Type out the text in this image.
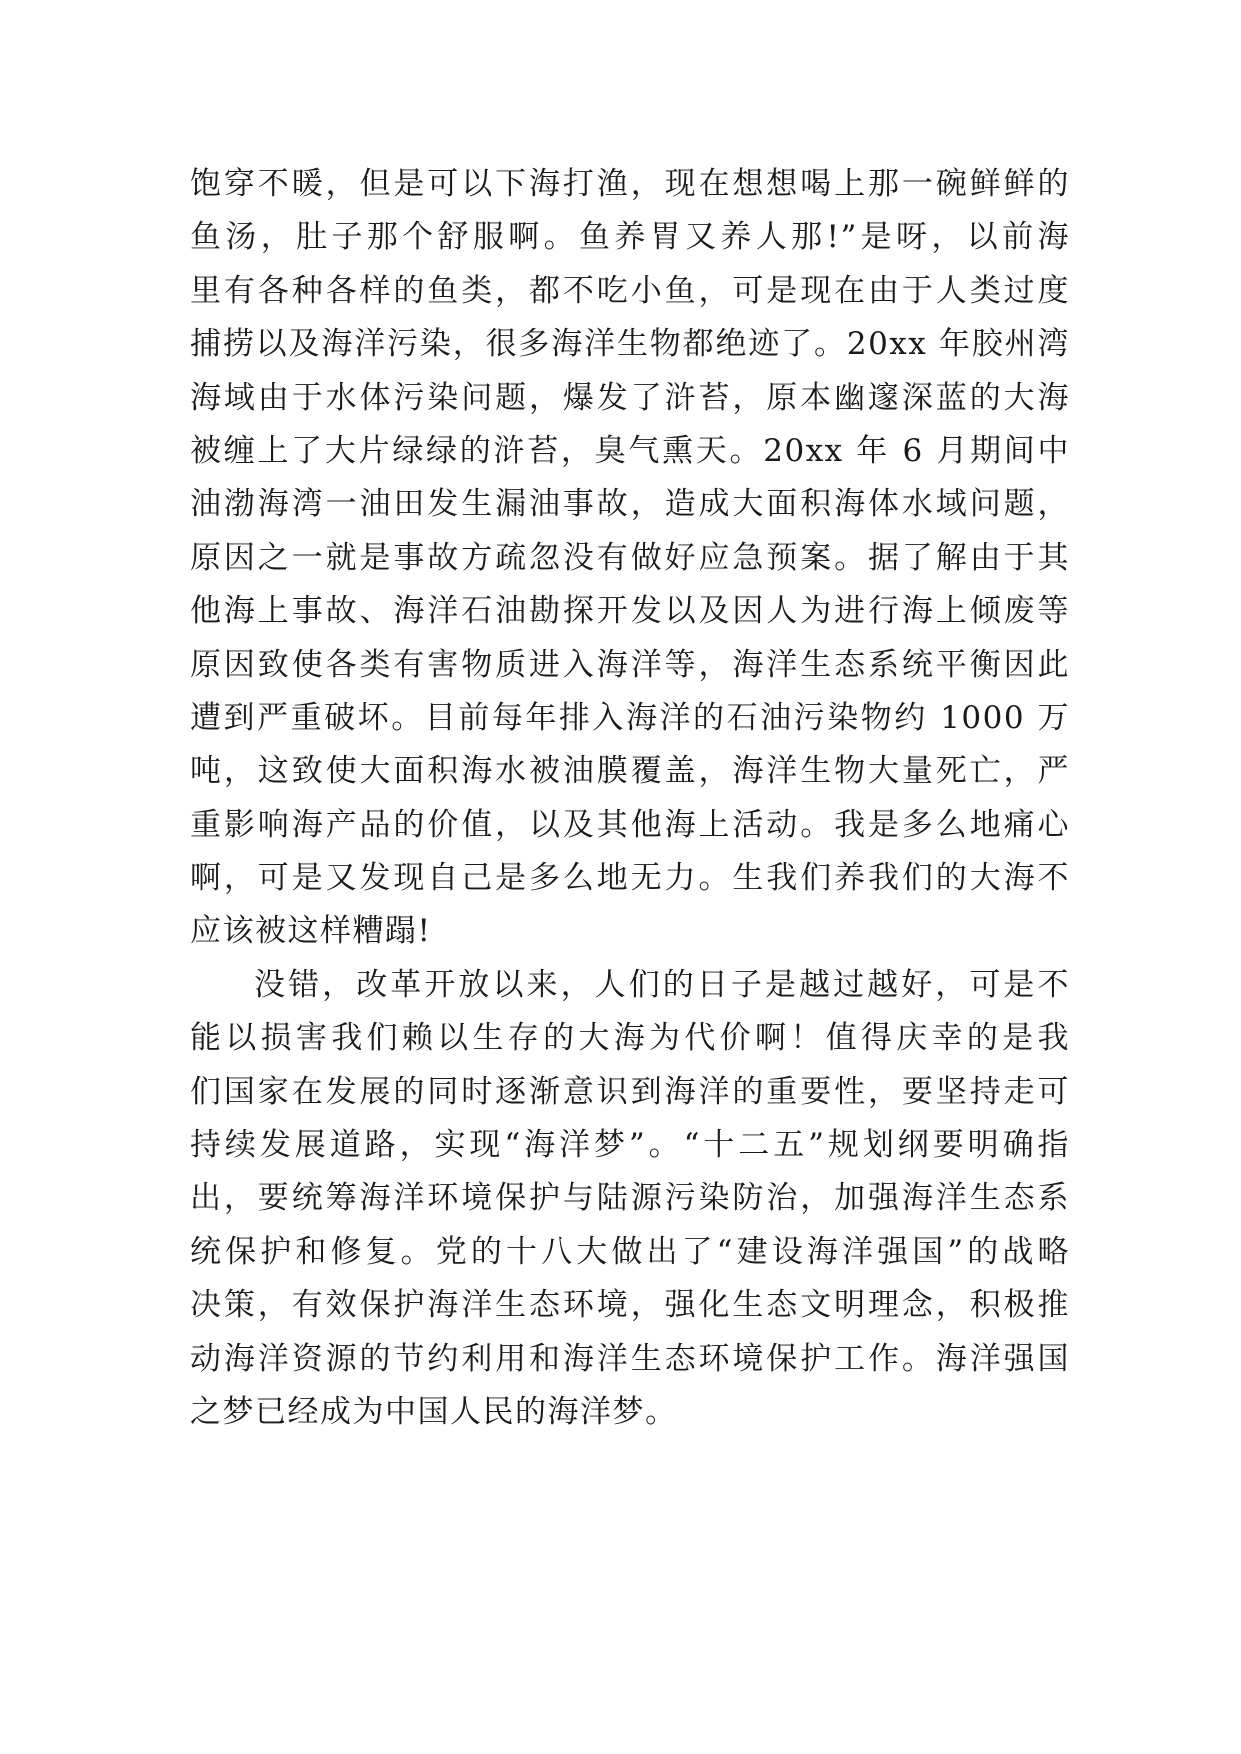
饱穿不暖，但是可以下海打渔，现在想想喝上那一碗鲜鲜的
鱼汤，肚子那个舒服啊。鱼养胃又养人那!”是呀，以前海
里有各种各样的鱼类，都不吃小鱼，可是现在由于人类过度
捕捞以及海洋污染，很多海洋生物都绝迹了。20xx 年胶州湾
海域由于水体污染问题，爆发了浒苔，原本幽邃深蓝的大海
被缠上了大片绿绿的浒苔，臭气熏天。20xx 年 6 月期间中
油渤海湾一油田发生漏油事故，造成大面积海体水域问题，
原因之一就是事故方疏忽没有做好应急预案。据了解由于其
他海上事故、海洋石油勘探开发以及因人为进行海上倾废等
原因致使各类有害物质进入海洋等，海洋生态系统平衡因此
遭到严重破坏。目前每年排入海洋的石油污染物约 1000 万
吨，这致使大面积海水被油膜覆盖，海洋生物大量死亡，严
重影响海产品的价值，以及其他海上活动。我是多么地痛心
啊，可是又发现自己是多么地无力。生我们养我们的大海不
应该被这样糟蹋!
没错，改革开放以来，人们的日子是越过越好，可是不
能以损害我们赖以生存的大海为代价啊！值得庆幸的是我
们国家在发展的同时逐渐意识到海洋的重要性，要坚持走可
持续发展道路，实现“海洋梦”。“十二五”规划纲要明确指
出，要统筹海洋环境保护与陆源污染防治，加强海洋生态系
统保护和修复。党的十八大做出了“建设海洋强国”的战略
决策，有效保护海洋生态环境，强化生态文明理念，积极推
动海洋资源的节约利用和海洋生态环境保护工作。海洋强国
之梦已经成为中国人民的海洋梦。
